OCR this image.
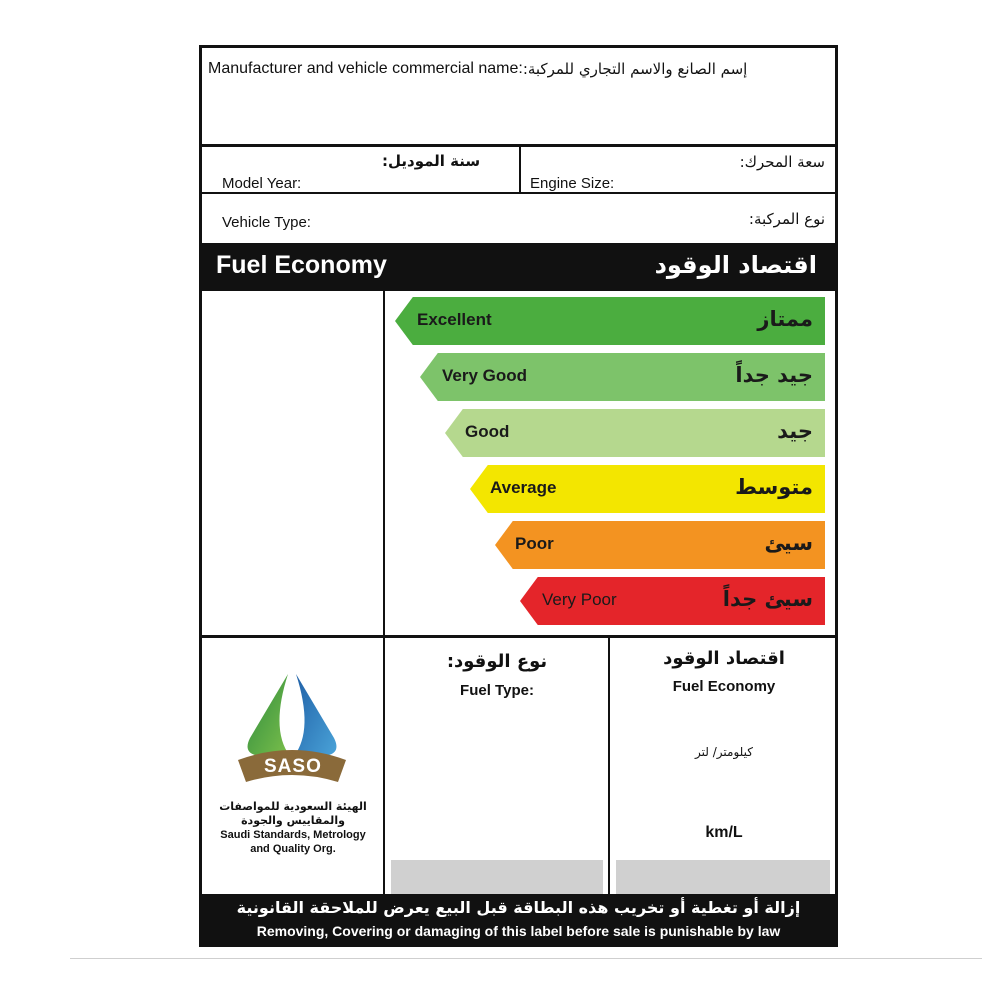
Manufacturer and vehicle commercial name: إسم الصانع والاسم التجاري للمركبة:
سنة الموديل:
Model Year:
سعة المحرك:
Engine Size:
Vehicle Type:	نوع المركبة:
Fuel Economy	اقتصاد الوقود
Excellent	ممتاز
Very Good	جيد جداً
Good	جيد
Average	متوسط
Poor	سيئ
Very Poor	سيئ جداً
SASO
الهيئة السعودية للمواصفات
والمقاييس والجودة
Saudi Standards, Metrology
and Quality Org.
نوع الوقود:
Fuel Type:
اقتصاد الوقود
Fuel Economy
كيلومتر/ لتر
km/L
إزالة أو تغطية أو تخريب هذه البطاقة قبل البيع يعرض للملاحقة القانونية
Removing, Covering or damaging of this label before sale is punishable by law
